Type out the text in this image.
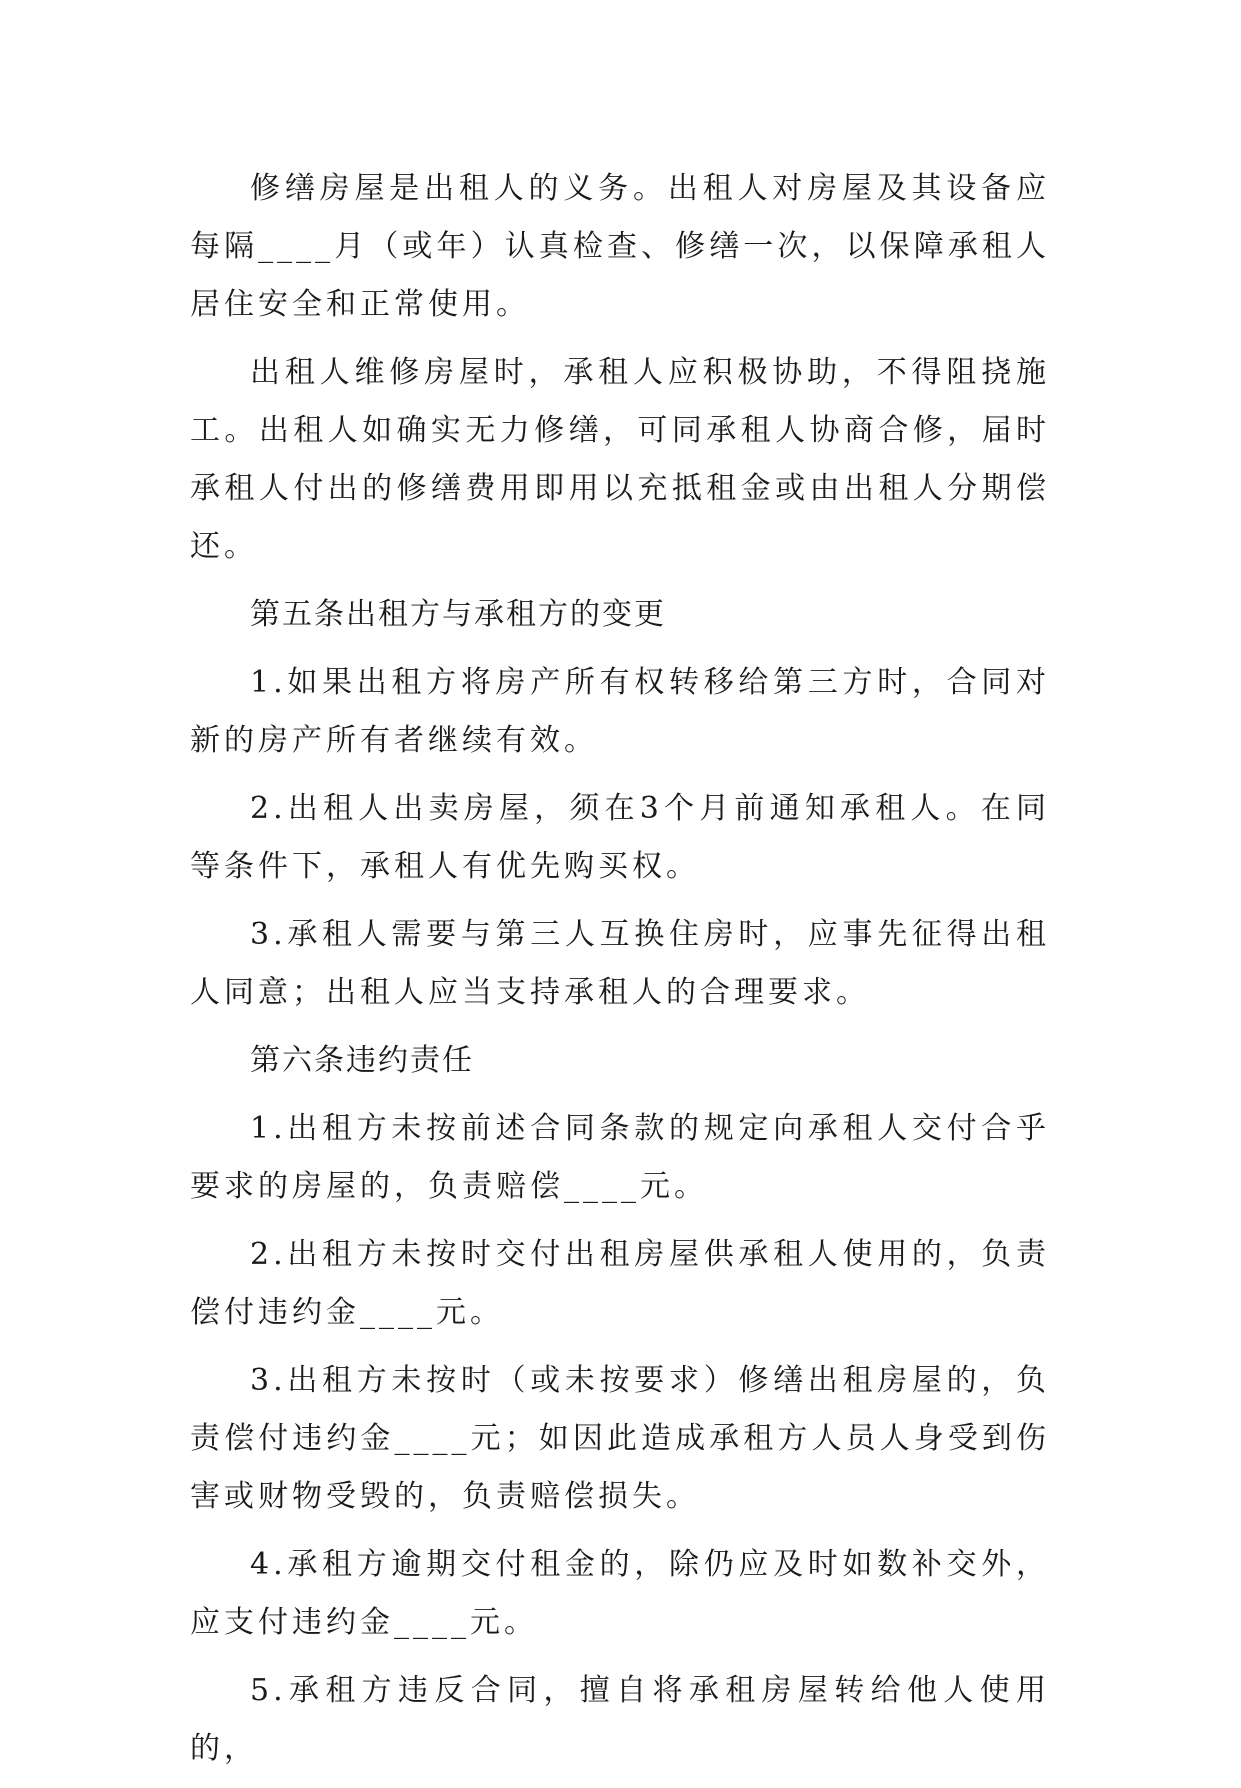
修缮房屋是出租人的义务。出租人对房屋及其设备应每隔____月（或年）认真检查、修缮一次，以保障承租人居住安全和正常使用。

出租人维修房屋时，承租人应积极协助，不得阻挠施工。出租人如确实无力修缮，可同承租人协商合修，届时承租人付出的修缮费用即用以充抵租金或由出租人分期偿还。

第五条出租方与承租方的变更

1.如果出租方将房产所有权转移给第三方时，合同对新的房产所有者继续有效。

2.出租人出卖房屋，须在3个月前通知承租人。在同等条件下，承租人有优先购买权。

3.承租人需要与第三人互换住房时，应事先征得出租人同意；出租人应当支持承租人的合理要求。

第六条违约责任

1.出租方未按前述合同条款的规定向承租人交付合乎要求的房屋的，负责赔偿____元。

2.出租方未按时交付出租房屋供承租人使用的，负责偿付违约金____元。

3.出租方未按时（或未按要求）修缮出租房屋的，负责偿付违约金____元；如因此造成承租方人员人身受到伤害或财物受毁的，负责赔偿损失。

4.承租方逾期交付租金的，除仍应及时如数补交外，应支付违约金____元。

5.承租方违反合同，擅自将承租房屋转给他人使用的，
